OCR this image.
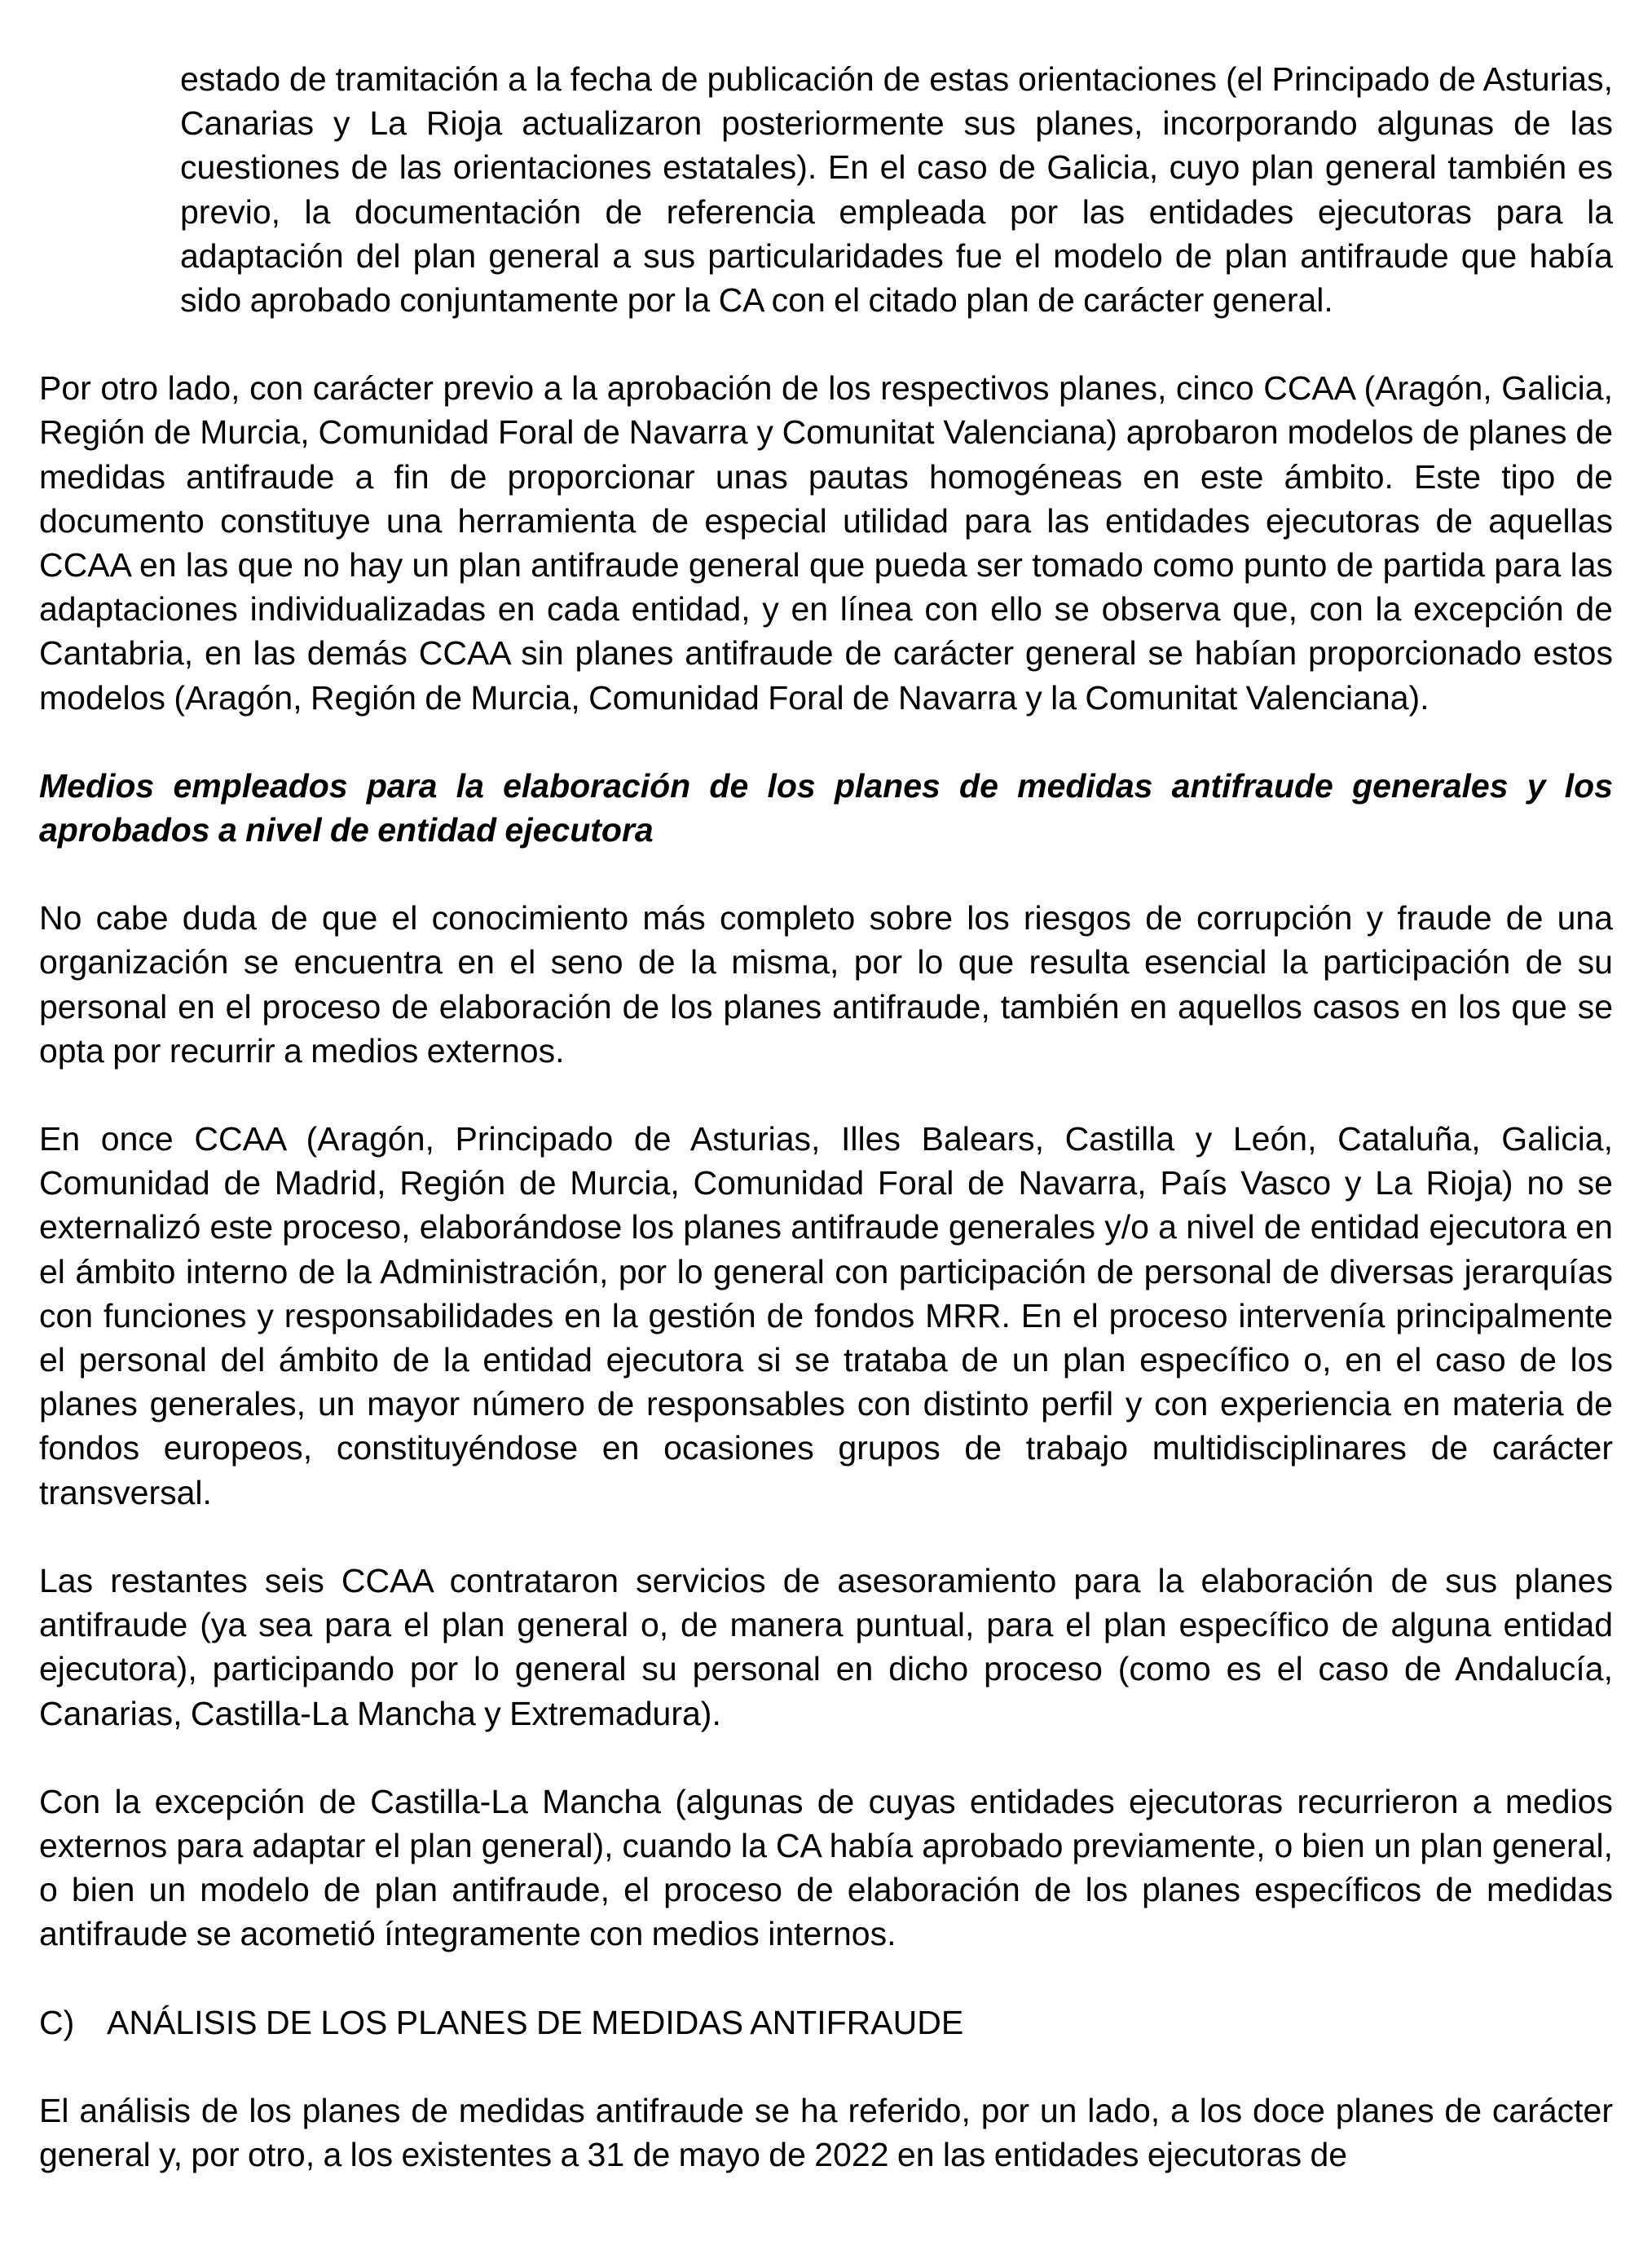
estado de tramitación a la fecha de publicación de estas orientaciones (el Principado de Asturias, Canarias y La Rioja actualizaron posteriormente sus planes, incorporando algunas de las cuestiones de las orientaciones estatales). En el caso de Galicia, cuyo plan general también es previo, la documentación de referencia empleada por las entidades ejecutoras para la adaptación del plan general a sus particularidades fue el modelo de plan antifraude que había sido aprobado conjuntamente por la CA con el citado plan de carácter general.

Por otro lado, con carácter previo a la aprobación de los respectivos planes, cinco CCAA (Aragón, Galicia, Región de Murcia, Comunidad Foral de Navarra y Comunitat Valenciana) aprobaron modelos de planes de medidas antifraude a fin de proporcionar unas pautas homogéneas en este ámbito. Este tipo de documento constituye una herramienta de especial utilidad para las entidades ejecutoras de aquellas CCAA en las que no hay un plan antifraude general que pueda ser tomado como punto de partida para las adaptaciones individualizadas en cada entidad, y en línea con ello se observa que, con la excepción de Cantabria, en las demás CCAA sin planes antifraude de carácter general se habían proporcionado estos modelos (Aragón, Región de Murcia, Comunidad Foral de Navarra y la Comunitat Valenciana).

Medios empleados para la elaboración de los planes de medidas antifraude generales y los aprobados a nivel de entidad ejecutora

No cabe duda de que el conocimiento más completo sobre los riesgos de corrupción y fraude de una organización se encuentra en el seno de la misma, por lo que resulta esencial la participación de su personal en el proceso de elaboración de los planes antifraude, también en aquellos casos en los que se opta por recurrir a medios externos.

En once CCAA (Aragón, Principado de Asturias, Illes Balears, Castilla y León, Cataluña, Galicia, Comunidad de Madrid, Región de Murcia, Comunidad Foral de Navarra, País Vasco y La Rioja) no se externalizó este proceso, elaborándose los planes antifraude generales y/o a nivel de entidad ejecutora en el ámbito interno de la Administración, por lo general con participación de personal de diversas jerarquías con funciones y responsabilidades en la gestión de fondos MRR. En el proceso intervenía principalmente el personal del ámbito de la entidad ejecutora si se trataba de un plan específico o, en el caso de los planes generales, un mayor número de responsables con distinto perfil y con experiencia en materia de fondos europeos, constituyéndose en ocasiones grupos de trabajo multidisciplinares de carácter transversal.

Las restantes seis CCAA contrataron servicios de asesoramiento para la elaboración de sus planes antifraude (ya sea para el plan general o, de manera puntual, para el plan específico de alguna entidad ejecutora), participando por lo general su personal en dicho proceso (como es el caso de Andalucía, Canarias, Castilla-La Mancha y Extremadura).

Con la excepción de Castilla-La Mancha (algunas de cuyas entidades ejecutoras recurrieron a medios externos para adaptar el plan general), cuando la CA había aprobado previamente, o bien un plan general, o bien un modelo de plan antifraude, el proceso de elaboración de los planes específicos de medidas antifraude se acometió íntegramente con medios internos.

C) ANÁLISIS DE LOS PLANES DE MEDIDAS ANTIFRAUDE

El análisis de los planes de medidas antifraude se ha referido, por un lado, a los doce planes de carácter general y, por otro, a los existentes a 31 de mayo de 2022 en las entidades ejecutoras de
